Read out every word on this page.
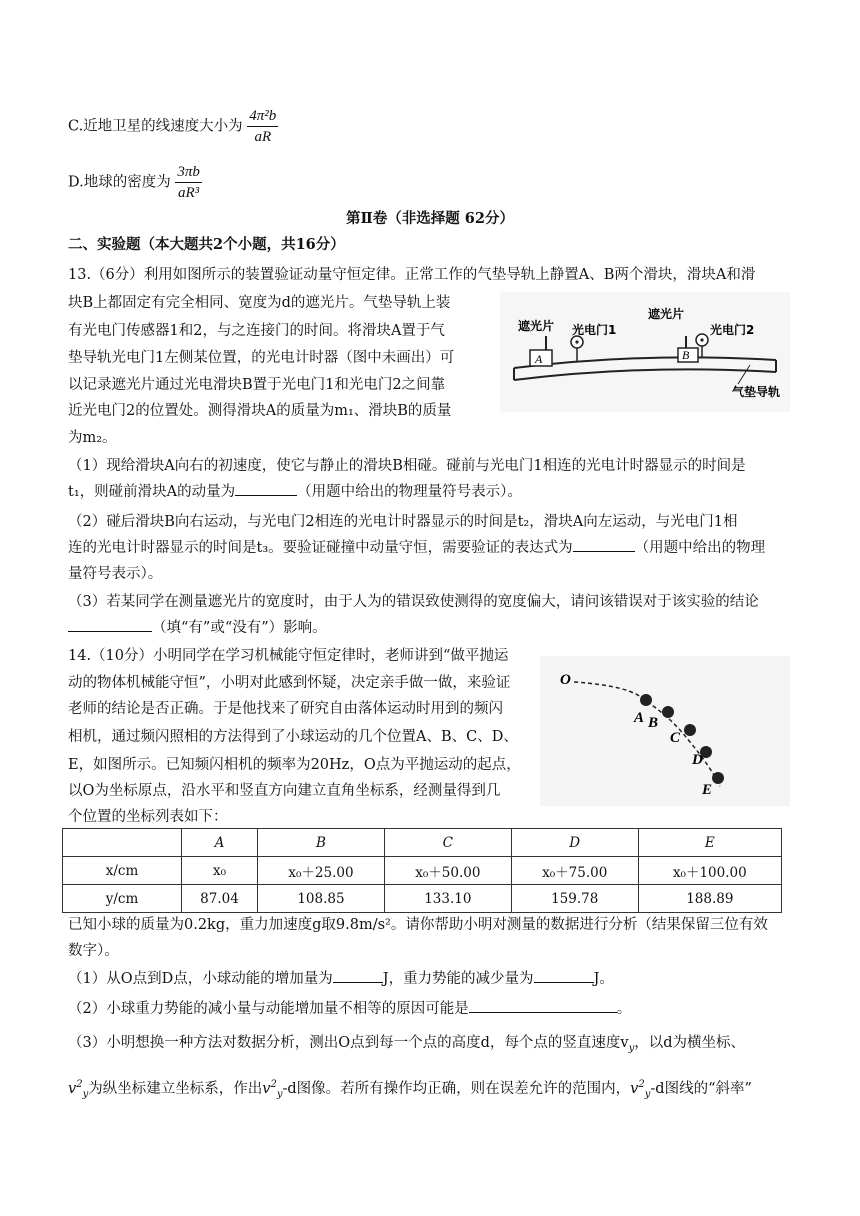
C.近地卫星的线速度大小为 $\frac{\text{4π²b}}{aR}$
D.地球的密度为 $\frac{3\pi b}{\text{aR³}}$
第Ⅱ卷（非选择题 62分）
二、实验题（本大题共2个小题，共16分）
13.（6分）利用如图所示的装置验证动量守恒定律。正常工作的气垫导轨上静置A、B两个滑块，滑块A和滑
块B上都固定有完全相同、宽度为d的遮光片。气垫导轨上装
有光电门传感器1和2，与之连接门的时间。将滑块A置于气
垫导轨光电门1左侧某位置，的光电计时器（图中未画出）可
以记录遮光片通过光电滑块B置于光电门1和光电门2之间靠
近光电门2的位置处。测得滑块A的质量为m₁、滑块B的质量
为m₂。
A	B
遮光片 光电门1
遮光片
光电门2
气垫导轨
（1）现给滑块A向右的初速度，使它与静止的滑块B相碰。碰前与光电门1相连的光电计时器显示的时间是
t₁，则碰前滑块A的动量为	（用题中给出的物理量符号表示）。
（2）碰后滑块B向右运动，与光电门2相连的光电计时器显示的时间是t₂，滑块A向左运动，与光电门1相
连的光电计时器显示的时间是t₃。要验证碰撞中动量守恒，需要验证的表达式为	（用题中给出的物理
量符号表示）。
（3）若某同学在测量遮光片的宽度时，由于人为的错误致使测得的宽度偏大，请问该错误对于该实验的结论
（填“有”或“没有”）影响。
14.（10分）小明同学在学习机械能守恒定律时，老师讲到“做平抛运
动的物体机械能守恒”，小明对此感到怀疑，决定亲手做一做，来验证
老师的结论是否正确。于是他找来了研究自由落体运动时用到的频闪
相机，通过频闪照相的方法得到了小球运动的几个位置A、B、C、D、
E，如图所示。已知频闪相机的频率为20Hz，O点为平抛运动的起点，
以O为坐标原点，沿水平和竖直方向建立直角坐标系，经测量得到几
个位置的坐标列表如下：
O
A B
C
D
E
	A	B	C	D	E
x/cm	x₀	x₀＋25.00	x₀＋50.00	x₀＋75.00	x₀＋100.00
y/cm	87.04	108.85	133.10	159.78	188.89
已知小球的质量为0.2kg，重力加速度g取9.8m/s²。请你帮助小明对测量的数据进行分析（结果保留三位有效
数字）。
（1）从O点到D点，小球动能的增加量为	J，重力势能的减少量为	J。
（2）小球重力势能的减小量与动能增加量不相等的原因可能是	。
（3）小明想换一种方法对数据分析，测出O点到每一个点的高度d，每个点的竖直速度$v_y$，以d为横坐标、
$v^2_y$为纵坐标建立坐标系，作出$v^2_y-d$图像。若所有操作均正确，则在误差允许的范围内，$v^2_y-d$图线的“斜率”
